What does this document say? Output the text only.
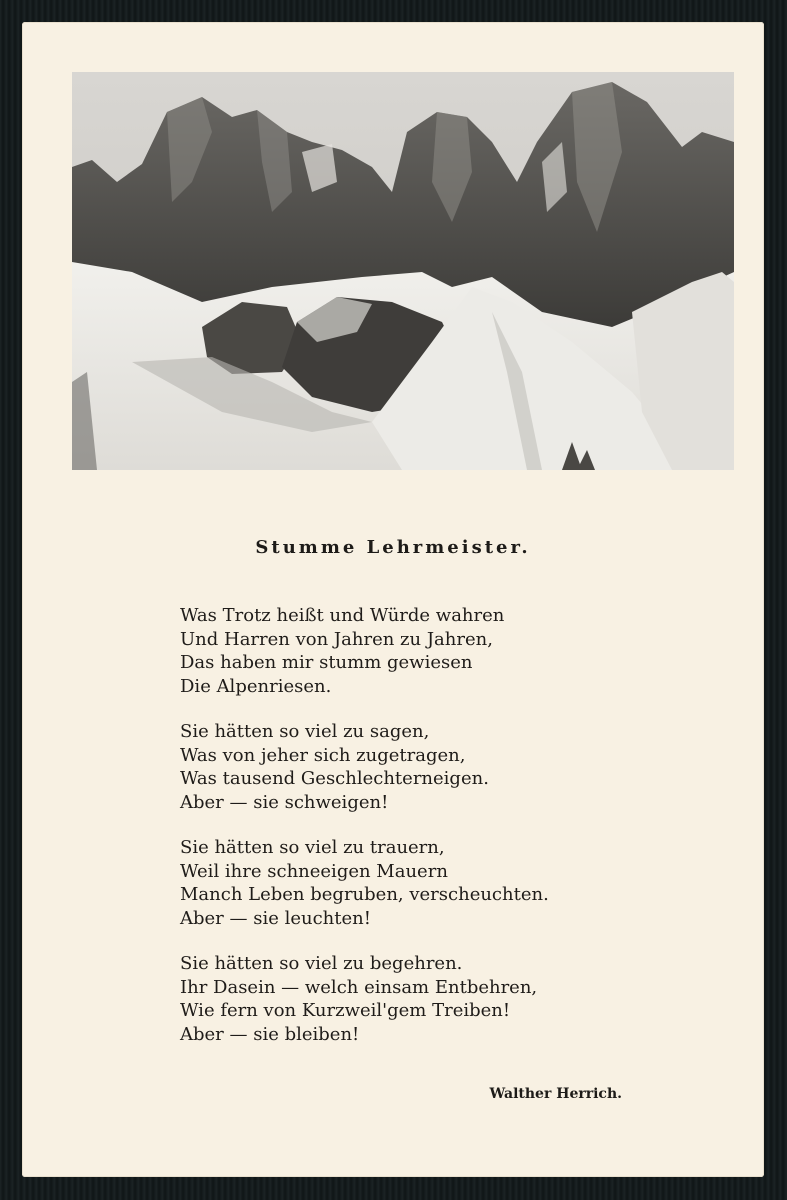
Stumme Lehrmeister.
Was Trotz heißt und Würde wahren
Und Harren von Jahren zu Jahren,
Das haben mir stumm gewiesen
Die Alpenriesen.
Sie hätten so viel zu sagen,
Was von jeher sich zugetragen,
Was tausend Geschlechterneigen.
Aber — sie schweigen!
Sie hätten so viel zu trauern,
Weil ihre schneeigen Mauern
Manch Leben begruben, verscheuchten.
Aber — sie leuchten!
Sie hätten so viel zu begehren.
Ihr Dasein — welch einsam Entbehren,
Wie fern von Kurzweil'gem Treiben!
Aber — sie bleiben!
Walther Herrich.
